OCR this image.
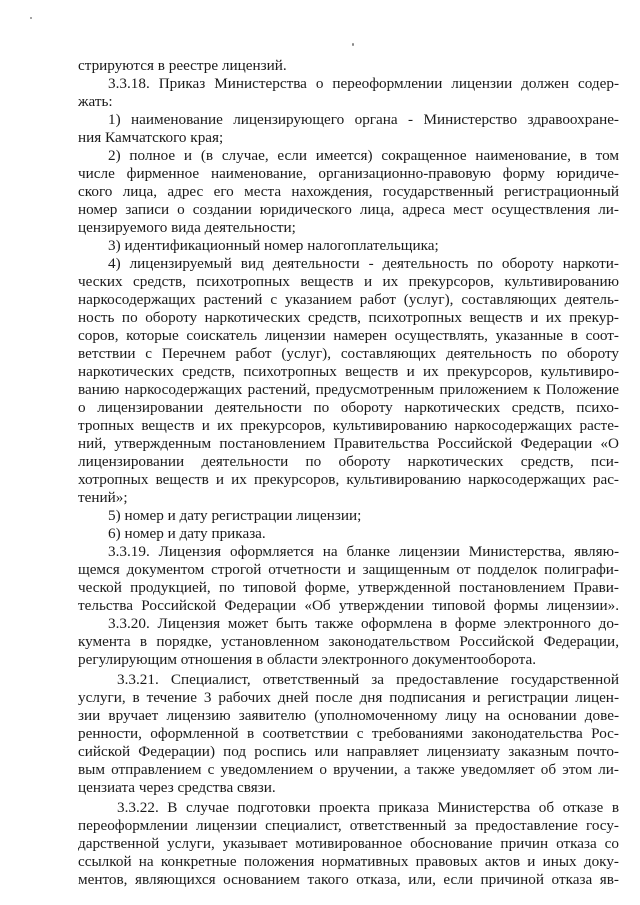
стрируются в реестре лицензий.
3.3.18. Приказ Министерства о переоформлении лицензии должен содер-
жать:
1) наименование лицензирующего органа - Министерство здравоохране-
ния Камчатского края;
2) полное и (в случае, если имеется) сокращенное наименование, в том
числе фирменное наименование, организационно-правовую форму юридиче-
ского лица, адрес его места нахождения, государственный регистрационный
номер записи о создании юридического лица, адреса мест осуществления ли-
цензируемого вида деятельности;
3) идентификационный номер налогоплательщика;
4) лицензируемый вид деятельности - деятельность по обороту наркоти-
ческих средств, психотропных веществ и их прекурсоров, культивированию
наркосодержащих растений с указанием работ (услуг), составляющих деятель-
ность по обороту наркотических средств, психотропных веществ и их прекур-
соров, которые соискатель лицензии намерен осуществлять, указанные в соот-
ветствии с Перечнем работ (услуг), составляющих деятельность по обороту
наркотических средств, психотропных веществ и их прекурсоров, культивиро-
ванию наркосодержащих растений, предусмотренным приложением к Положение
о лицензировании деятельности по обороту наркотических средств, психо-
тропных веществ и их прекурсоров, культивированию наркосодержащих расте-
ний, утвержденным постановлением Правительства Российской Федерации «О
лицензировании деятельности по обороту наркотических средств, пси-
хотропных веществ и их прекурсоров, культивированию наркосодержащих рас-
тений»;
5) номер и дату регистрации лицензии;
6) номер и дату приказа.
3.3.19. Лицензия оформляется на бланке лицензии Министерства, являю-
щемся документом строгой отчетности и защищенным от подделок полиграфи-
ческой продукцией, по типовой форме, утвержденной постановлением Прави-
тельства Российской Федерации «Об утверждении типовой формы лицензии».
3.3.20. Лицензия может быть также оформлена в форме электронного до-
кумента в порядке, установленном законодательством Российской Федерации,
регулирующим отношения в области электронного документооборота.
3.3.21. Специалист, ответственный за предоставление государственной
услуги, в течение 3 рабочих дней после дня подписания и регистрации лицен-
зии вручает лицензию заявителю (уполномоченному лицу на основании дове-
ренности, оформленной в соответствии с требованиями законодательства Рос-
сийской Федерации) под роспись или направляет лицензиату заказным почто-
вым отправлением с уведомлением о вручении, а также уведомляет об этом ли-
цензиата через средства связи.
3.3.22. В случае подготовки проекта приказа Министерства об отказе в
переоформлении лицензии специалист, ответственный за предоставление госу-
дарственной услуги, указывает мотивированное обоснование причин отказа со
ссылкой на конкретные положения нормативных правовых актов и иных доку-
ментов, являющихся основанием такого отказа, или, если причиной отказа яв-
